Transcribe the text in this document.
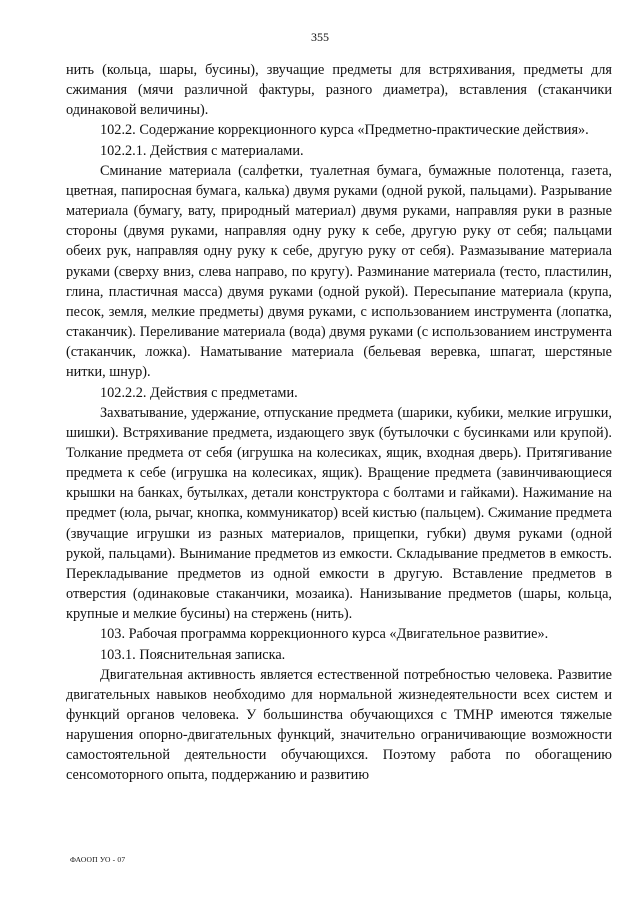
355

нить (кольца, шары, бусины), звучащие предметы для встряхивания, предметы для сжимания (мячи различной фактуры, разного диаметра), вставления (стаканчики одинаковой величины).

102.2. Содержание коррекционного курса «Предметно-практические действия».

102.2.1. Действия с материалами.

Сминание материала (салфетки, туалетная бумага, бумажные полотенца, газета, цветная, папиросная бумага, калька) двумя руками (одной рукой, пальцами). Разрывание материала (бумагу, вату, природный материал) двумя руками, направляя руки в разные стороны (двумя руками, направляя одну руку к себе, другую руку от себя; пальцами обеих рук, направляя одну руку к себе, другую руку от себя). Размазывание материала руками (сверху вниз, слева направо, по кругу). Разминание материала (тесто, пластилин, глина, пластичная масса) двумя руками (одной рукой). Пересыпание материала (крупа, песок, земля, мелкие предметы) двумя руками, с использованием инструмента (лопатка, стаканчик). Переливание материала (вода) двумя руками (с использованием инструмента (стаканчик, ложка). Наматывание материала (бельевая веревка, шпагат, шерстяные нитки, шнур).

102.2.2. Действия с предметами.

Захватывание, удержание, отпускание предмета (шарики, кубики, мелкие игрушки, шишки). Встряхивание предмета, издающего звук (бутылочки с бусинками или крупой). Толкание предмета от себя (игрушка на колесиках, ящик, входная дверь). Притягивание предмета к себе (игрушка на колесиках, ящик). Вращение предмета (завинчивающиеся крышки на банках, бутылках, детали конструктора с болтами и гайками). Нажимание на предмет (юла, рычаг, кнопка, коммуникатор) всей кистью (пальцем). Сжимание предмета (звучащие игрушки из разных материалов, прищепки, губки) двумя руками (одной рукой, пальцами). Вынимание предметов из емкости. Складывание предметов в емкость. Перекладывание предметов из одной емкости в другую. Вставление предметов в отверстия (одинаковые стаканчики, мозаика). Нанизывание предметов (шары, кольца, крупные и мелкие бусины) на стержень (нить).

103. Рабочая программа коррекционного курса «Двигательное развитие».

103.1. Пояснительная записка.

Двигательная активность является естественной потребностью человека. Развитие двигательных навыков необходимо для нормальной жизнедеятельности всех систем и функций органов человека. У большинства обучающихся с ТМНР имеются тяжелые нарушения опорно-двигательных функций, значительно ограничивающие возможности самостоятельной деятельности обучающихся. Поэтому работа по обогащению сенсомоторного опыта, поддержанию и развитию

ФАООП УО - 07
